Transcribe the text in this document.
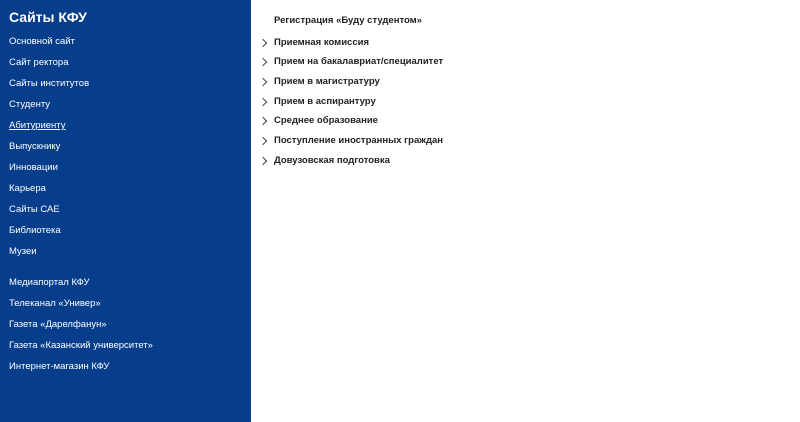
Сайты КФУ
Основной сайт
Сайт ректора
Сайты институтов
Студенту
Абитуриенту
Выпускнику
Инновации
Карьера
Сайты САЕ
Библиотека
Музеи
Медиапортал КФУ
Телеканал «Универ»
Газета «Дарелфанун»
Газета «Казанский университет»
Интернет-магазин КФУ
Регистрация «Буду студентом»
Приемная комиссия
Прием на бакалавриат/специалитет
Прием в магистратуру
Прием в аспирантуру
Среднее образование
Поступление иностранных граждан
Довузовская подготовка
